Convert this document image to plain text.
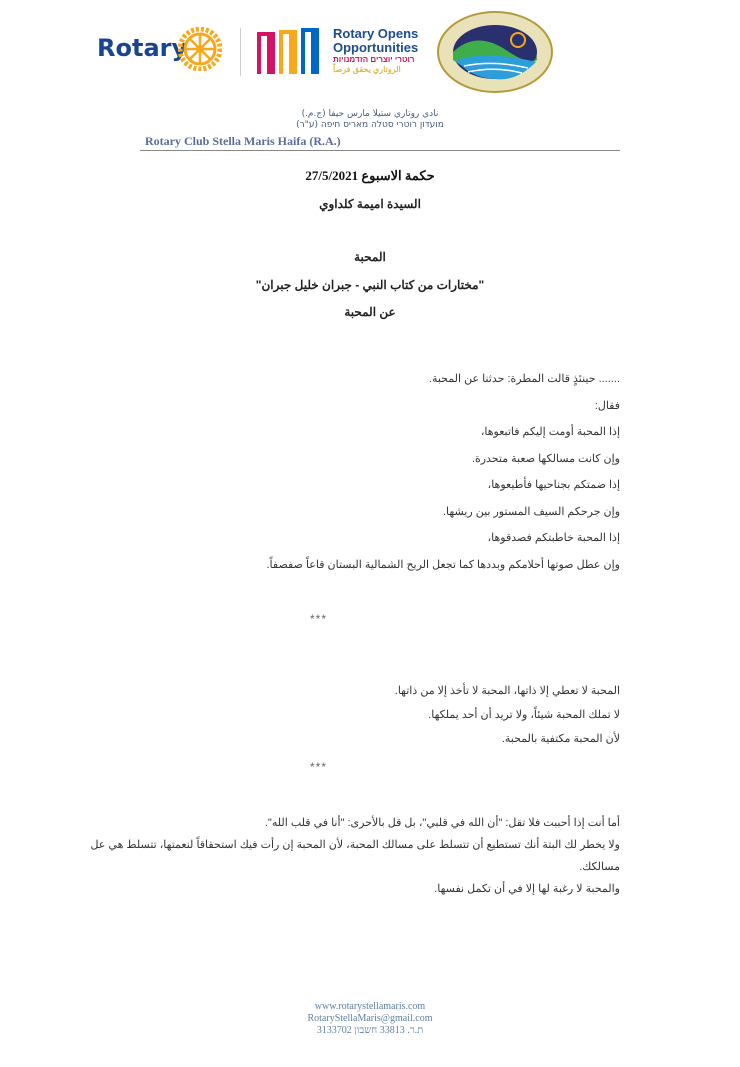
Rotary
Rotary Opens
Opportunities
רוטרי יוצרים הזדמנויות
الروتاري يحقق فرصاً
نادي روتاري ستيلا مارس حيفا (ج.م.)
מועדון רוטרי סטלה מאריס חיפה (ע"ר)
Rotary Club Stella Maris Haifa (R.A.)
حكمة الاسبوع 27/5/2021
السيدة اميمة كلداوي
المحبة
"مختارات من كتاب النبي - جبران خليل جبران"
عن المحبة
....... حينئذٍ قالت المطرة: حدثنا عن المحبة.
فقال:
إذا المحبة أومت إليكم فاتبعوها،
وإن كانت مسالكها صعبة متحدرة.
إذا ضمتكم بجناحيها فأطيعوها،
وإن جرحكم السيف المستور بين ريشها.
إذا المحبة خاطبتكم فصدقوها،
وإن عطل صوتها أحلامكم وبددها كما تجعل الريح الشمالية البستان قاعاً صفصفاً.
***
المحبة لا تعطي إلا ذاتها، المحبة لا تأخذ إلا من ذاتها.
لا تملك المحبة شيئاً، ولا تريد أن أحد يملكها.
لأن المحبة مكتفية بالمحبة.
***
أما أنت إذا أحببت فلا تقل: "أن الله في قلبي"، بل قل بالأحرى: "أنا في قلب الله".
ولا يخطر لك البتة أنك تستطيع أن تتسلط على مسالك المحبة، لأن المحبة إن رأت فيك استحقاقاً لنعمتها، تتسلط هي عل
مسالكك.
والمحبة لا رغبة لها إلا في أن تكمل نفسها.
www.rotarystellamaris.com
RotaryStellaMaris@gmail.com
ת.ר. 33813 חשבון 3133702
